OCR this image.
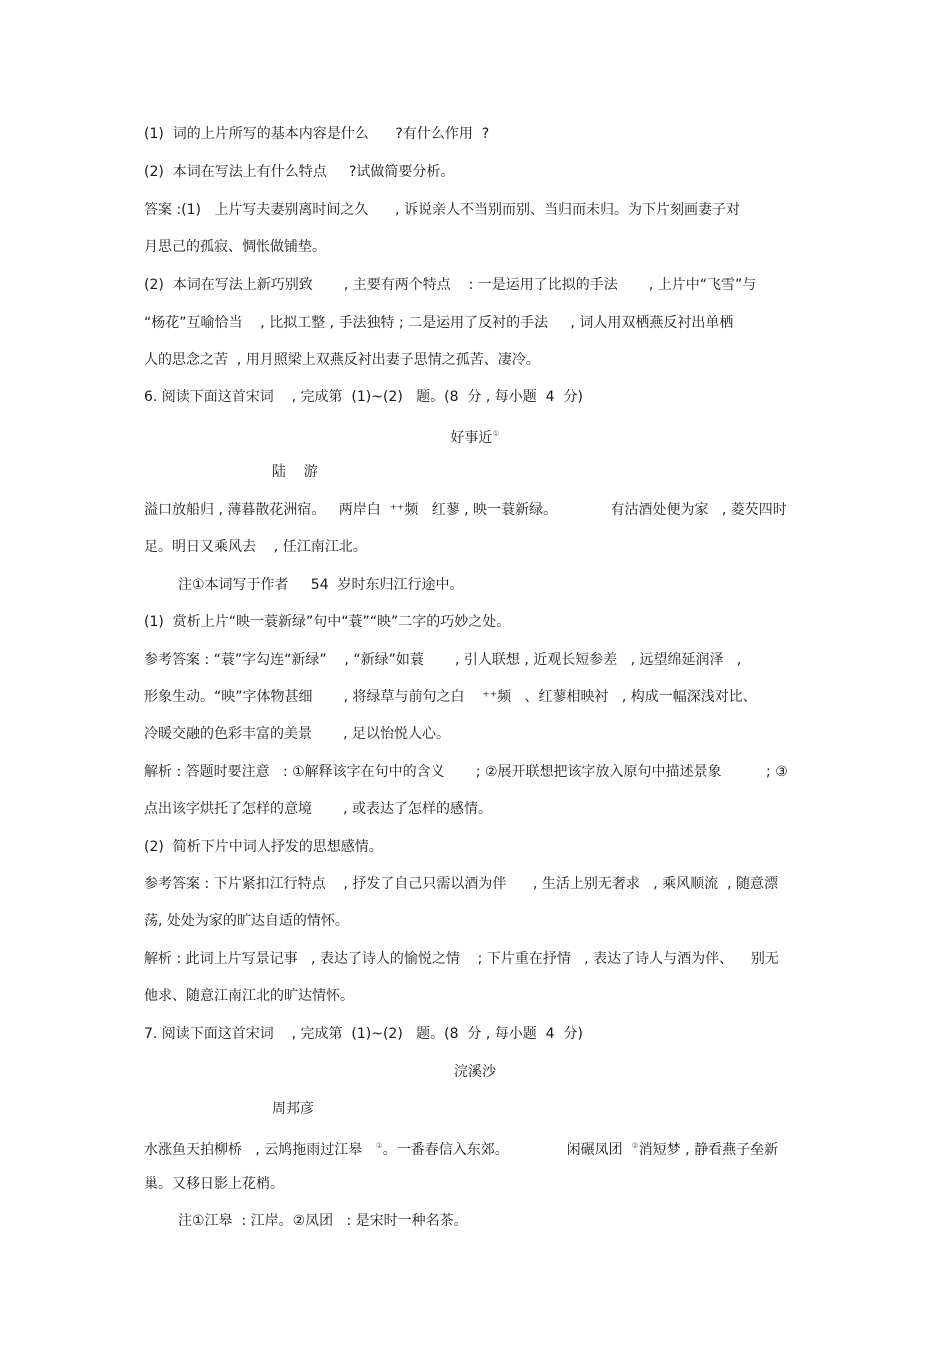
(1)  词的上片所写的基本内容是什么      ?有什么作用  ?

(2)  本词在写法上有什么特点     ?试做简要分析。

答案 :(1)   上片写夫妻别离时间之久      , 诉说亲人不当别而别、当归而未归。为下片刻画妻子对

月思己的孤寂、惆怅做铺垫。

(2)  本词在写法上新巧别致       , 主要有两个特点    : 一是运用了比拟的手法       , 上片中“飞雪”与

“杨花”互喻恰当    , 比拟工整 , 手法独特 ; 二是运用了反衬的手法     , 词人用双栖燕反衬出单栖

人的思念之苦  , 用月照梁上双燕反衬出妻子思情之孤苦、凄冷。

6. 阅读下面这首宋词    , 完成第  (1)~(2)   题。(8  分 , 每小题  4  分)

好事近①

陆    游

溢口放船归 , 薄暮散花洲宿。   两岸白  ⁺⁺频   红蓼 , 映一蓑新绿。            有沽酒处便为家   , 菱芡四时

足。明日又乘风去    , 任江南江北。

注①本词写于作者     54  岁时东归江行途中。

(1)  赏析上片“映一蓑新绿”句中“蓑”“映”二字的巧妙之处。

参考答案 : “蓑”字勾连“新绿”    , “新绿”如蓑       , 引人联想 , 近观长短参差   , 远望绵延润泽   ,

形象生动。“映”字体物甚细       , 将绿草与前句之白    ⁺⁺频   、红蓼相映衬   , 构成一幅深浅对比、

冷暖交融的色彩丰富的美景       , 足以怡悦人心。

解析 : 答题时要注意   : ①解释该字在句中的含义       ; ②展开联想把该字放入原句中描述景象          ; ③

点出该字烘托了怎样的意境       , 或表达了怎样的感情。

(2)  简析下片中词人抒发的思想感情。

参考答案 : 下片紧扣江行特点    , 抒发了自己只需以酒为伴      , 生活上别无奢求   , 乘风顺流  , 随意漂

荡, 处处为家的旷达自适的情怀。

解析 : 此词上片写景记事   , 表达了诗人的愉悦之情    ; 下片重在抒情   , 表达了诗人与酒为伴、    别无

他求、随意江南江北的旷达情怀。

7. 阅读下面这首宋词    , 完成第  (1)~(2)   题。(8  分 , 每小题  4  分)

浣溪沙

周邦彦

水涨鱼天拍柳桥   , 云鸠拖雨过江皋   ①。一番春信入东郊。             闲碾凤团  ②消短梦 , 静看燕子垒新

巢。又移日影上花梢。

注①江皋  : 江岸。②凤团   : 是宋时一种名茶。
